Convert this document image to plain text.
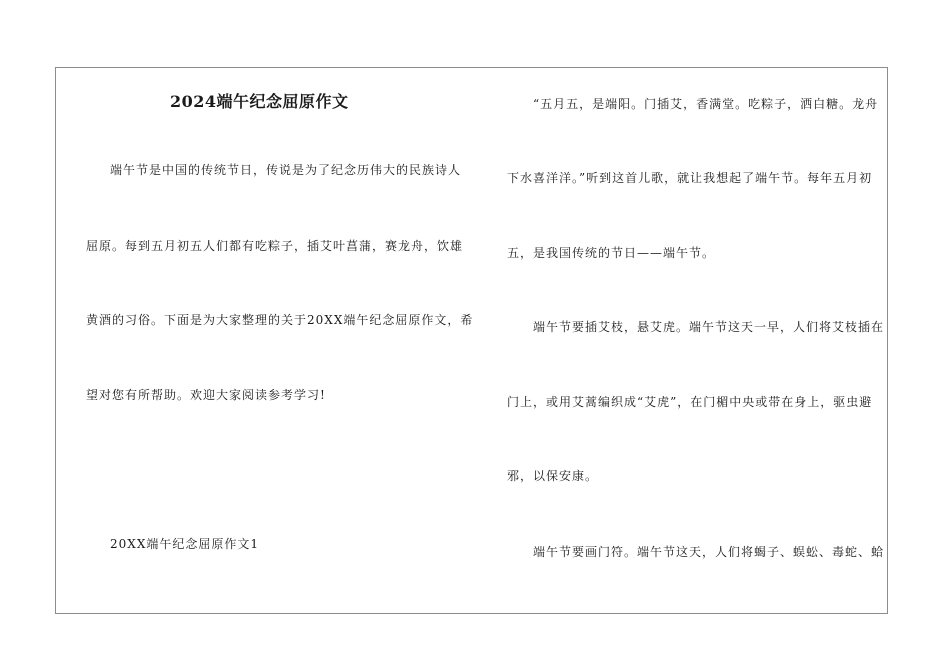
2024端午纪念屈原作文
端午节是中国的传统节日，传说是为了纪念历伟大的民族诗人
屈原。每到五月初五人们都有吃粽子，插艾叶菖蒲，赛龙舟，饮雄
黄酒的习俗。下面是为大家整理的关于20XX端午纪念屈原作文，希
望对您有所帮助。欢迎大家阅读参考学习!
20XX端午纪念屈原作文1
“五月五，是端阳。门插艾，香满堂。吃粽子，洒白糖。龙舟
下水喜洋洋。”听到这首儿歌，就让我想起了端午节。每年五月初
五，是我国传统的节日——端午节。
端午节要插艾枝，悬艾虎。端午节这天一早，人们将艾枝插在
门上，或用艾蒿编织成“艾虎”，在门楣中央或带在身上，驱虫避
邪，以保安康。
端午节要画门符。端午节这天，人们将蝎子、蜈蚣、毒蛇、蛤
